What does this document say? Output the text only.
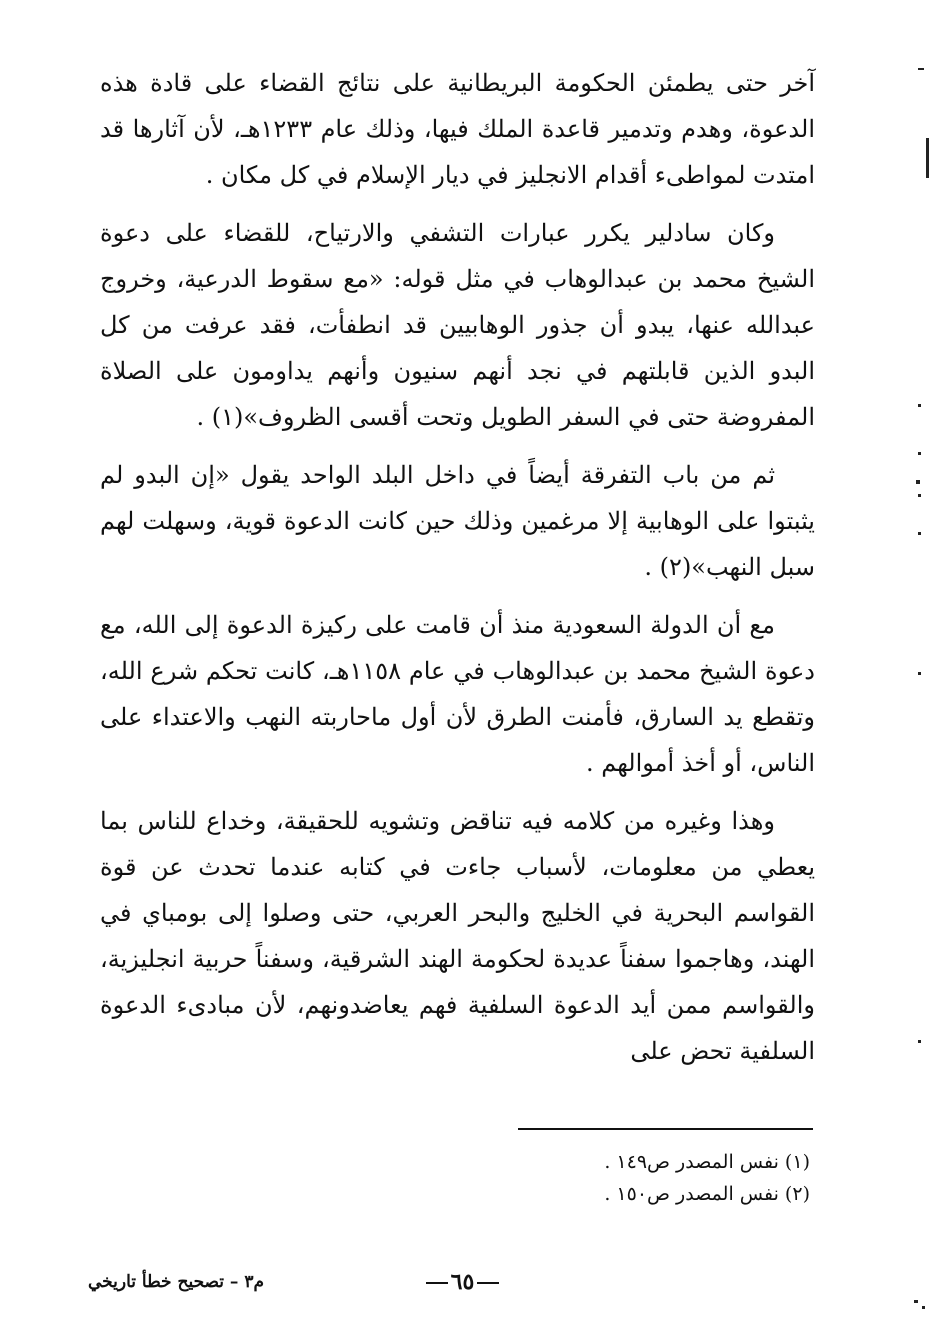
آخر حتى يطمئن الحكومة البريطانية على نتائج القضاء على قادة هذه الدعوة، وهدم وتدمير قاعدة الملك فيها، وذلك عام ١٢٣٣هـ، لأن آثارها قد امتدت لمواطىء أقدام الانجليز في ديار الإسلام في كل مكان .

وكان سادلير يكرر عبارات التشفي والارتياح، للقضاء على دعوة الشيخ محمد بن عبدالوهاب في مثل قوله: «مع سقوط الدرعية، وخروج عبدالله عنها، يبدو أن جذور الوهابيين قد انطفأت، فقد عرفت من كل البدو الذين قابلتهم في نجد أنهم سنيون وأنهم يداومون على الصلاة المفروضة حتى في السفر الطويل وتحت أقسى الظروف»(١) .

ثم من باب التفرقة أيضاً في داخل البلد الواحد يقول «إن البدو لم يثبتوا على الوهابية إلا مرغمين وذلك حين كانت الدعوة قوية، وسهلت لهم سبل النهب»(٢) .

مع أن الدولة السعودية منذ أن قامت على ركيزة الدعوة إلى الله، مع دعوة الشيخ محمد بن عبدالوهاب في عام ١١٥٨هـ، كانت تحكم شرع الله، وتقطع يد السارق، فأمنت الطرق لأن أول ماحاربته النهب والاعتداء على الناس، أو أخذ أموالهم .

وهذا وغيره من كلامه فيه تناقض وتشويه للحقيقة، وخداع للناس بما يعطي من معلومات، لأسباب جاءت في كتابه عندما تحدث عن قوة القواسم البحرية في الخليج والبحر العربي، حتى وصلوا إلى بومباي في الهند، وهاجموا سفناً عديدة لحكومة الهند الشرقية، وسفناً حربية انجليزية، والقواسم ممن أيد الدعوة السلفية فهم يعاضدونهم، لأن مبادىء الدعوة السلفية تحض على

(١) نفس المصدر ص١٤٩ .

(٢) نفس المصدر ص١٥٠ .

م٣ – تصحيح خطأ تاريخي	٦٥
